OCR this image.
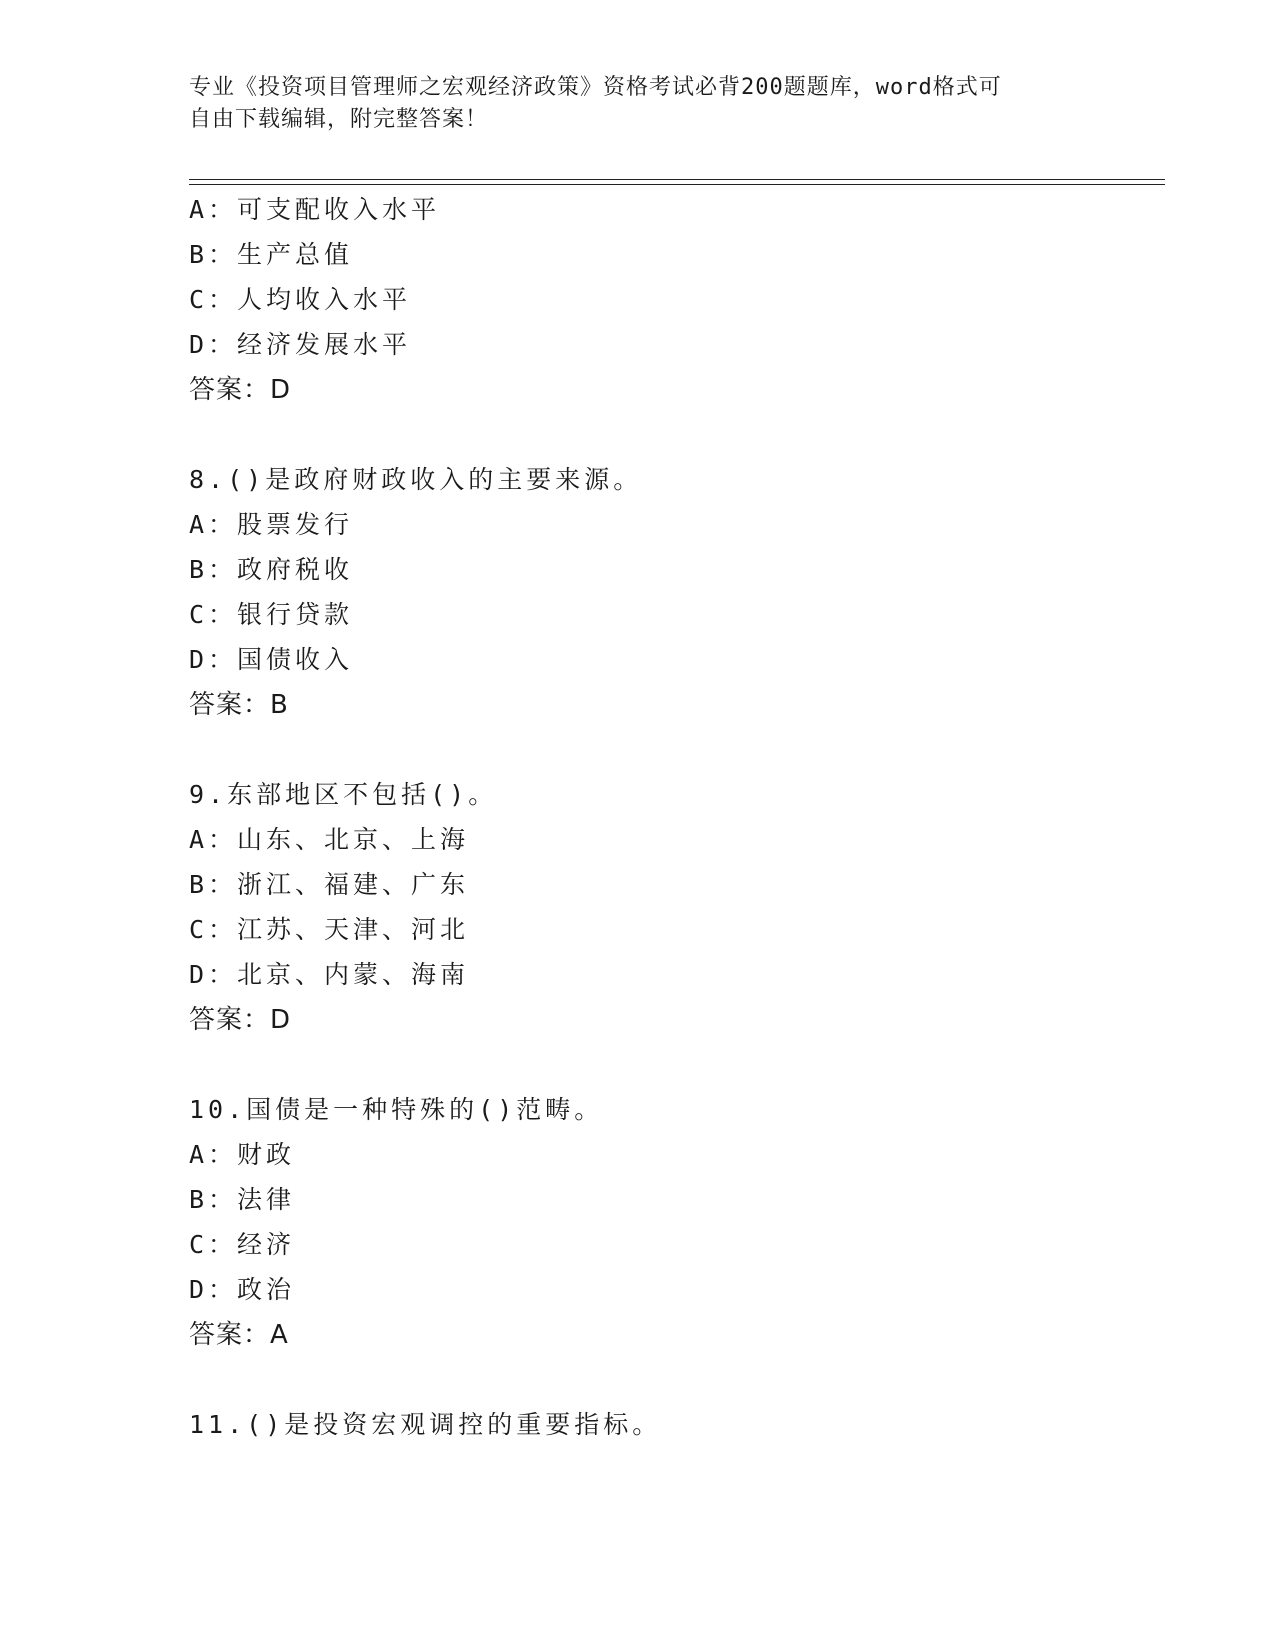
专业《投资项目管理师之宏观经济政策》资格考试必背200题题库，word格式可
自由下载编辑，附完整答案！
A：可支配收入水平
B：生产总值
C：人均收入水平
D：经济发展水平
答案：D
8.()是政府财政收入的主要来源。
A：股票发行
B：政府税收
C：银行贷款
D：国债收入
答案：B
9.东部地区不包括()。
A：山东、北京、上海
B：浙江、福建、广东
C：江苏、天津、河北
D：北京、内蒙、海南
答案：D
10.国债是一种特殊的()范畴。
A：财政
B：法律
C：经济
D：政治
答案：A
11.()是投资宏观调控的重要指标。
